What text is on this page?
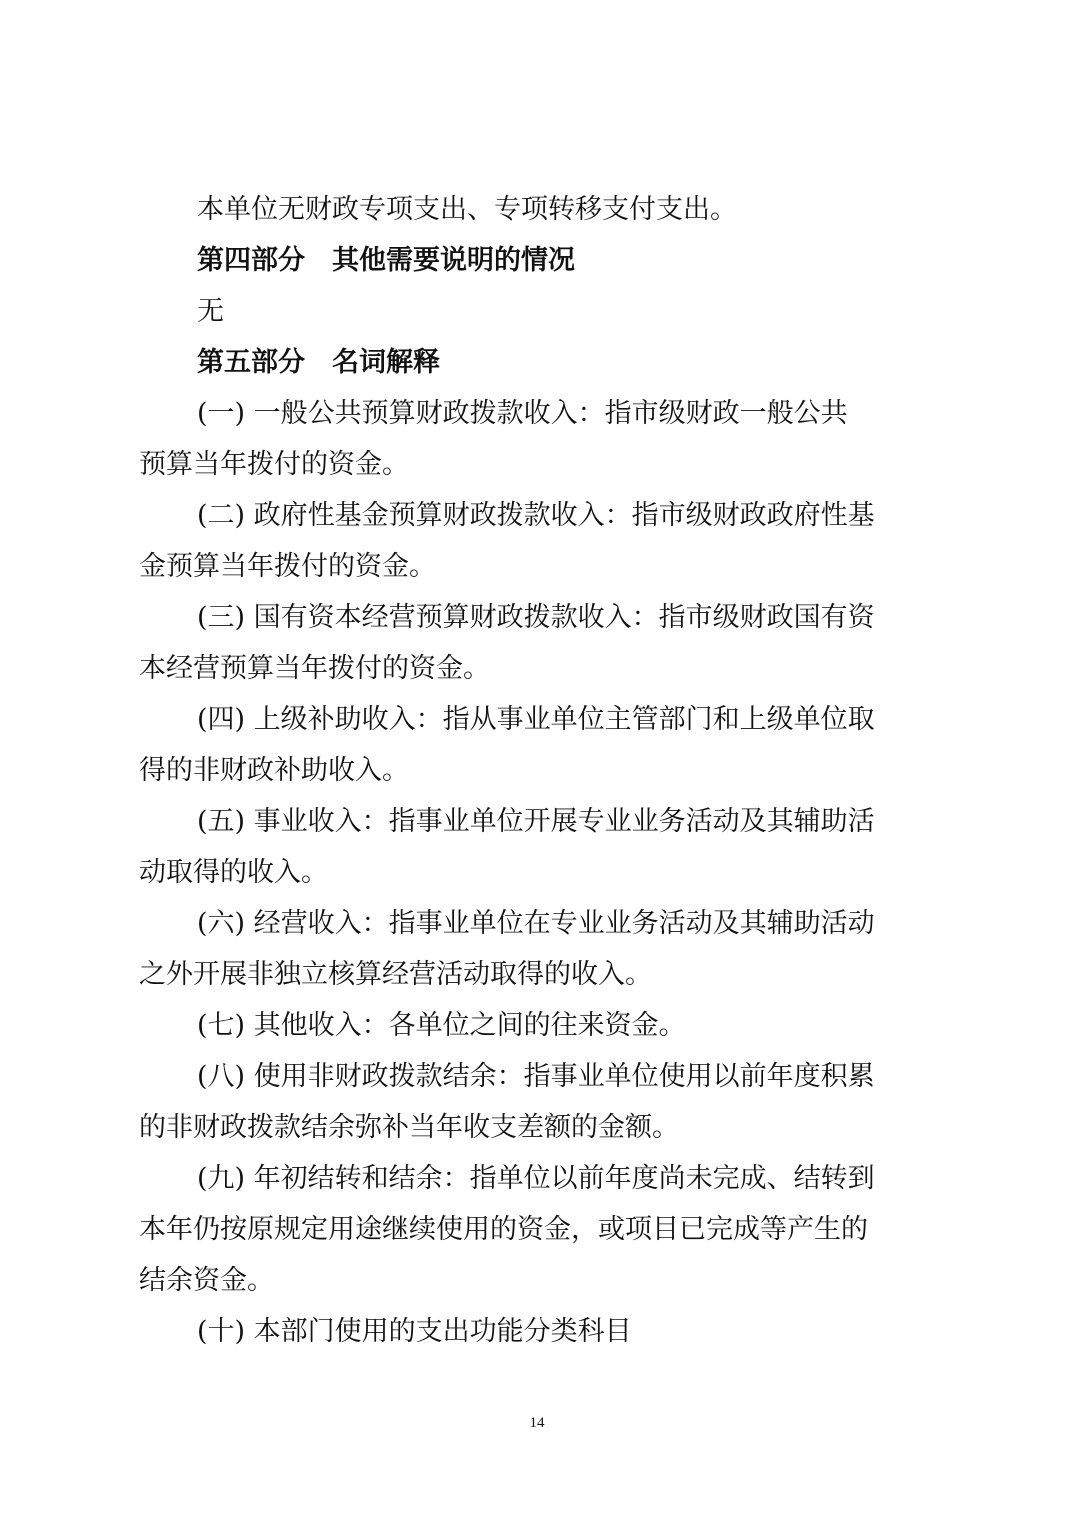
本单位无财政专项支出、专项转移支付支出。
第四部分　其他需要说明的情况
无
第五部分　名词解释
(一) 一般公共预算财政拨款收入：指市级财政一般公共
预算当年拨付的资金。
(二) 政府性基金预算财政拨款收入：指市级财政政府性基
金预算当年拨付的资金。
(三) 国有资本经营预算财政拨款收入：指市级财政国有资
本经营预算当年拨付的资金。
(四) 上级补助收入：指从事业单位主管部门和上级单位取
得的非财政补助收入。
(五) 事业收入：指事业单位开展专业业务活动及其辅助活
动取得的收入。
(六) 经营收入：指事业单位在专业业务活动及其辅助活动
之外开展非独立核算经营活动取得的收入。
(七) 其他收入：各单位之间的往来资金。
(八) 使用非财政拨款结余：指事业单位使用以前年度积累
的非财政拨款结余弥补当年收支差额的金额。
(九) 年初结转和结余：指单位以前年度尚未完成、结转到
本年仍按原规定用途继续使用的资金，或项目已完成等产生的
结余资金。
(十) 本部门使用的支出功能分类科目
14
